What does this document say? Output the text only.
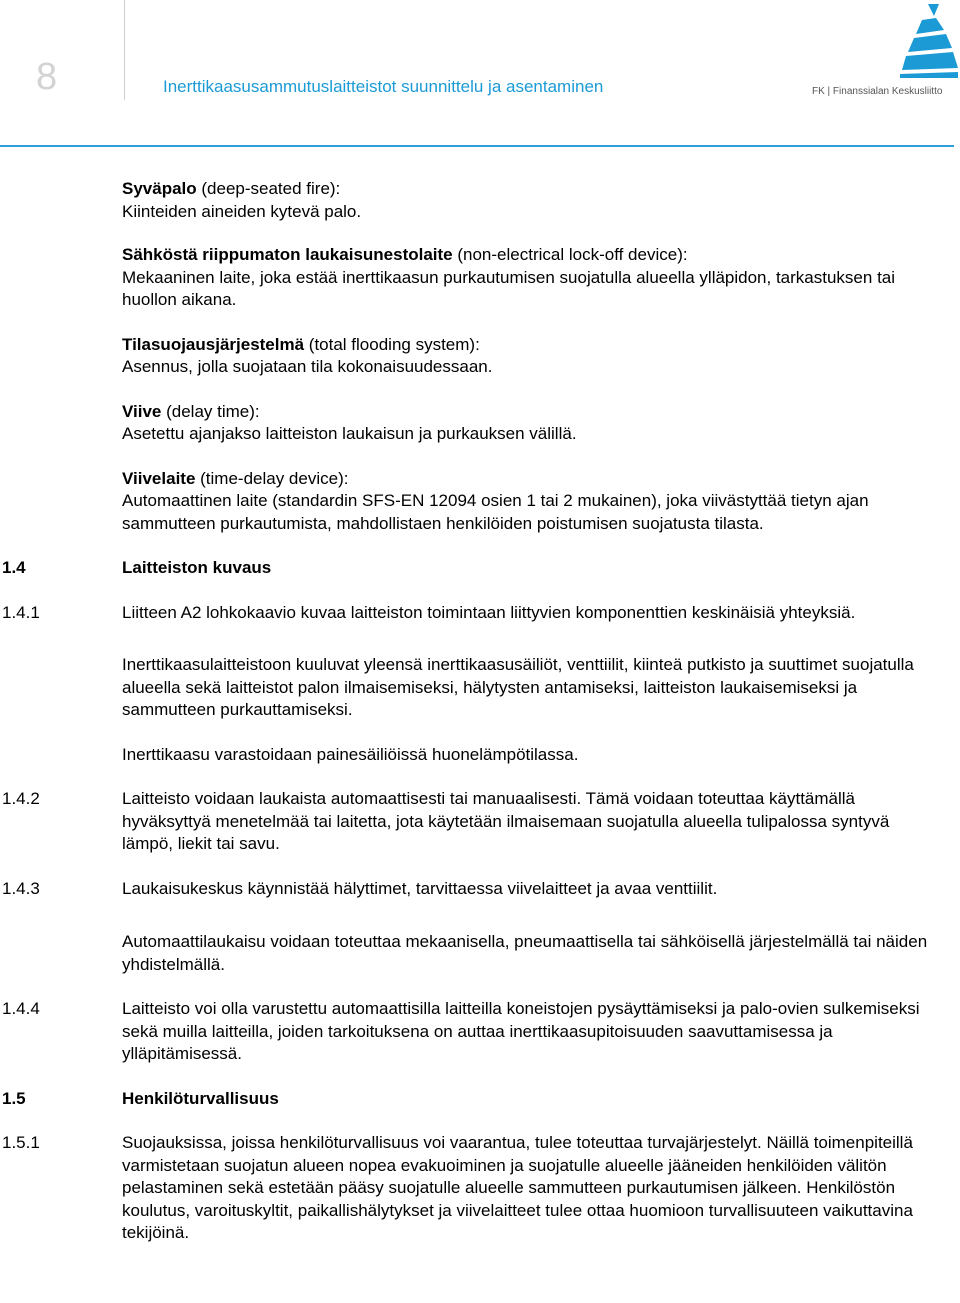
8	Inerttikaasusammutuslaitteistot suunnittelu ja asentaminen	FK | Finanssialan Keskusliitto

Syväpalo (deep-seated fire):

Kiinteiden aineiden kytevä palo.

Sähköstä riippumaton laukaisunestolaite (non-electrical lock-off device):

Mekaaninen laite, joka estää inerttikaasun purkautumisen suojatulla alueella ylläpidon, tarkastuksen tai huollon aikana.

Tilasuojausjärjestelmä (total flooding system):

Asennus, jolla suojataan tila kokonaisuudessaan.

Viive (delay time):

Asetettu ajanjakso laitteiston laukaisun ja purkauksen välillä.

Viivelaite (time-delay device):

Automaattinen laite (standardin SFS-EN 12094 osien 1 tai 2 mukainen), joka viivästyttää tietyn ajan sammutteen purkautumista, mahdollistaen henkilöiden poistumisen suojatusta tilasta.

1.4	Laitteiston kuvaus
1.4.1	Liitteen A2 lohkokaavio kuvaa laitteiston toimintaan liittyvien komponenttien keskinäisiä yhteyksiä.

Inerttikaasulaitteistoon kuuluvat yleensä inerttikaasusäiliöt, venttiilit, kiinteä putkisto ja suuttimet suojatulla alueella sekä laitteistot palon ilmaisemiseksi, hälytysten antamiseksi, laitteiston laukaisemiseksi ja sammutteen purkauttamiseksi.

Inerttikaasu varastoidaan painesäiliöissä huonelämpötilassa.

1.4.2	Laitteisto voidaan laukaista automaattisesti tai manuaalisesti. Tämä voidaan toteuttaa käyttämällä hyväksyttyä menetelmää tai laitetta, jota käytetään ilmaisemaan suojatulla alueella tulipalossa syntyvä lämpö, liekit tai savu.

1.4.3	Laukaisukeskus käynnistää hälyttimet, tarvittaessa viivelaitteet ja avaa venttiilit.

Automaattilaukaisu voidaan toteuttaa mekaanisella, pneumaattisella tai sähköisellä järjestelmällä tai näiden yhdistelmällä.

1.4.4	Laitteisto voi olla varustettu automaattisilla laitteilla koneistojen pysäyttämiseksi ja palo-ovien sulkemiseksi sekä muilla laitteilla, joiden tarkoituksena on auttaa inerttikaasupitoisuuden saavuttamisessa ja ylläpitämisessä.

1.5	Henkilöturvallisuus
1.5.1	Suojauksissa, joissa henkilöturvallisuus voi vaarantua, tulee toteuttaa turvajärjestelyt. Näillä toimenpiteillä varmistetaan suojatun alueen nopea evakuoiminen ja suojatulle alueelle jääneiden henkilöiden välitön pelastaminen sekä estetään pääsy suojatulle alueelle sammutteen purkautumisen jälkeen. Henkilöstön koulutus, varoituskyltit, paikallishälytykset ja viivelaitteet tulee ottaa huomioon turvallisuuteen vaikuttavina tekijöinä.
